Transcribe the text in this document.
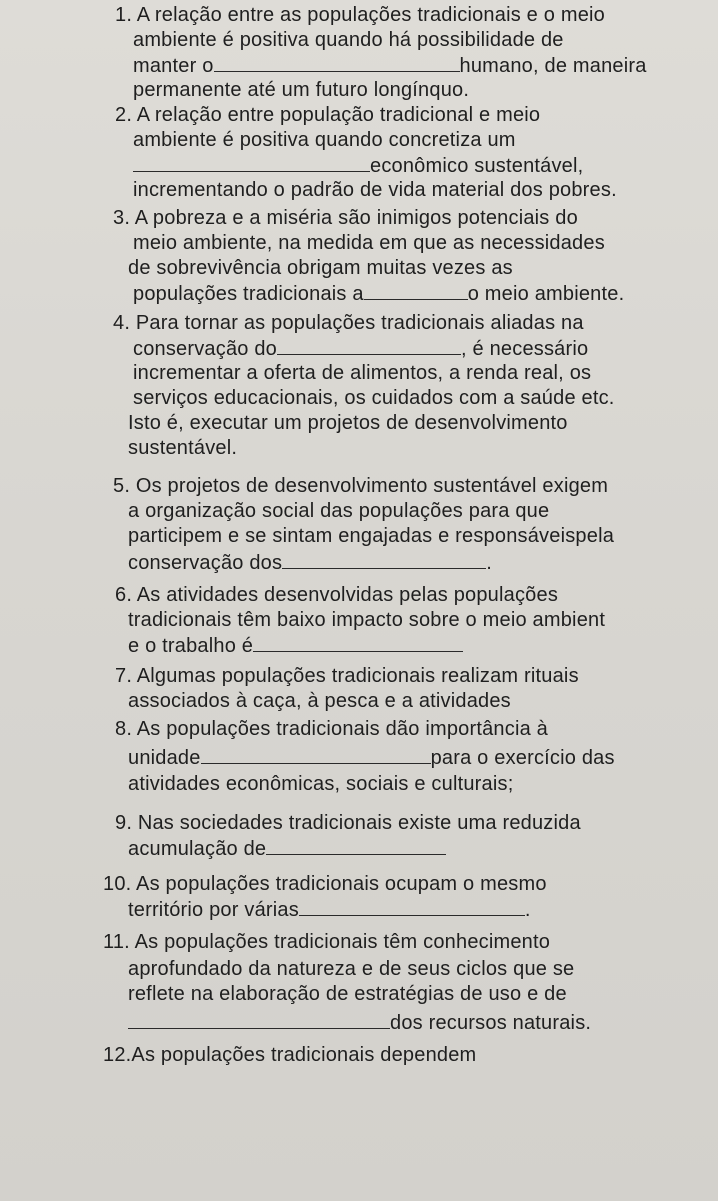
1. A relação entre as populações tradicionais e o meio
ambiente é positiva quando há possibilidade de
manter o	humano, de maneira
permanente até um futuro longínquo.
2. A relação entre população tradicional e meio
ambiente é positiva quando concretiza um
econômico sustentável,
incrementando o padrão de vida material dos pobres.
3. A pobreza e a miséria são inimigos potenciais do
meio ambiente, na medida em que as necessidades
de sobrevivência obrigam muitas vezes as
populações tradicionais a	o meio ambiente.
4. Para tornar as populações tradicionais aliadas na
conservação do	, é necessário
incrementar a oferta de alimentos, a renda real, os
serviços educacionais, os cuidados com a saúde etc.
Isto é, executar um projetos de desenvolvimento
sustentável.
5. Os projetos de desenvolvimento sustentável exigem
a organização social das populações para que
participem e se sintam engajadas e responsáveispela
conservação dos	.
6. As atividades desenvolvidas pelas populações
tradicionais têm baixo impacto sobre o meio ambient
e o trabalho é
7. Algumas populações tradicionais realizam rituais
associados à caça, à pesca e a atividades
8. As populações tradicionais dão importância à
unidade	para o exercício das
atividades econômicas, sociais e culturais;
9. Nas sociedades tradicionais existe uma reduzida
acumulação de
10. As populações tradicionais ocupam o mesmo
território por várias	.
11. As populações tradicionais têm conhecimento
aprofundado da natureza e de seus ciclos que se
reflete na elaboração de estratégias de uso e de
dos recursos naturais.
12.As populações tradicionais dependem
